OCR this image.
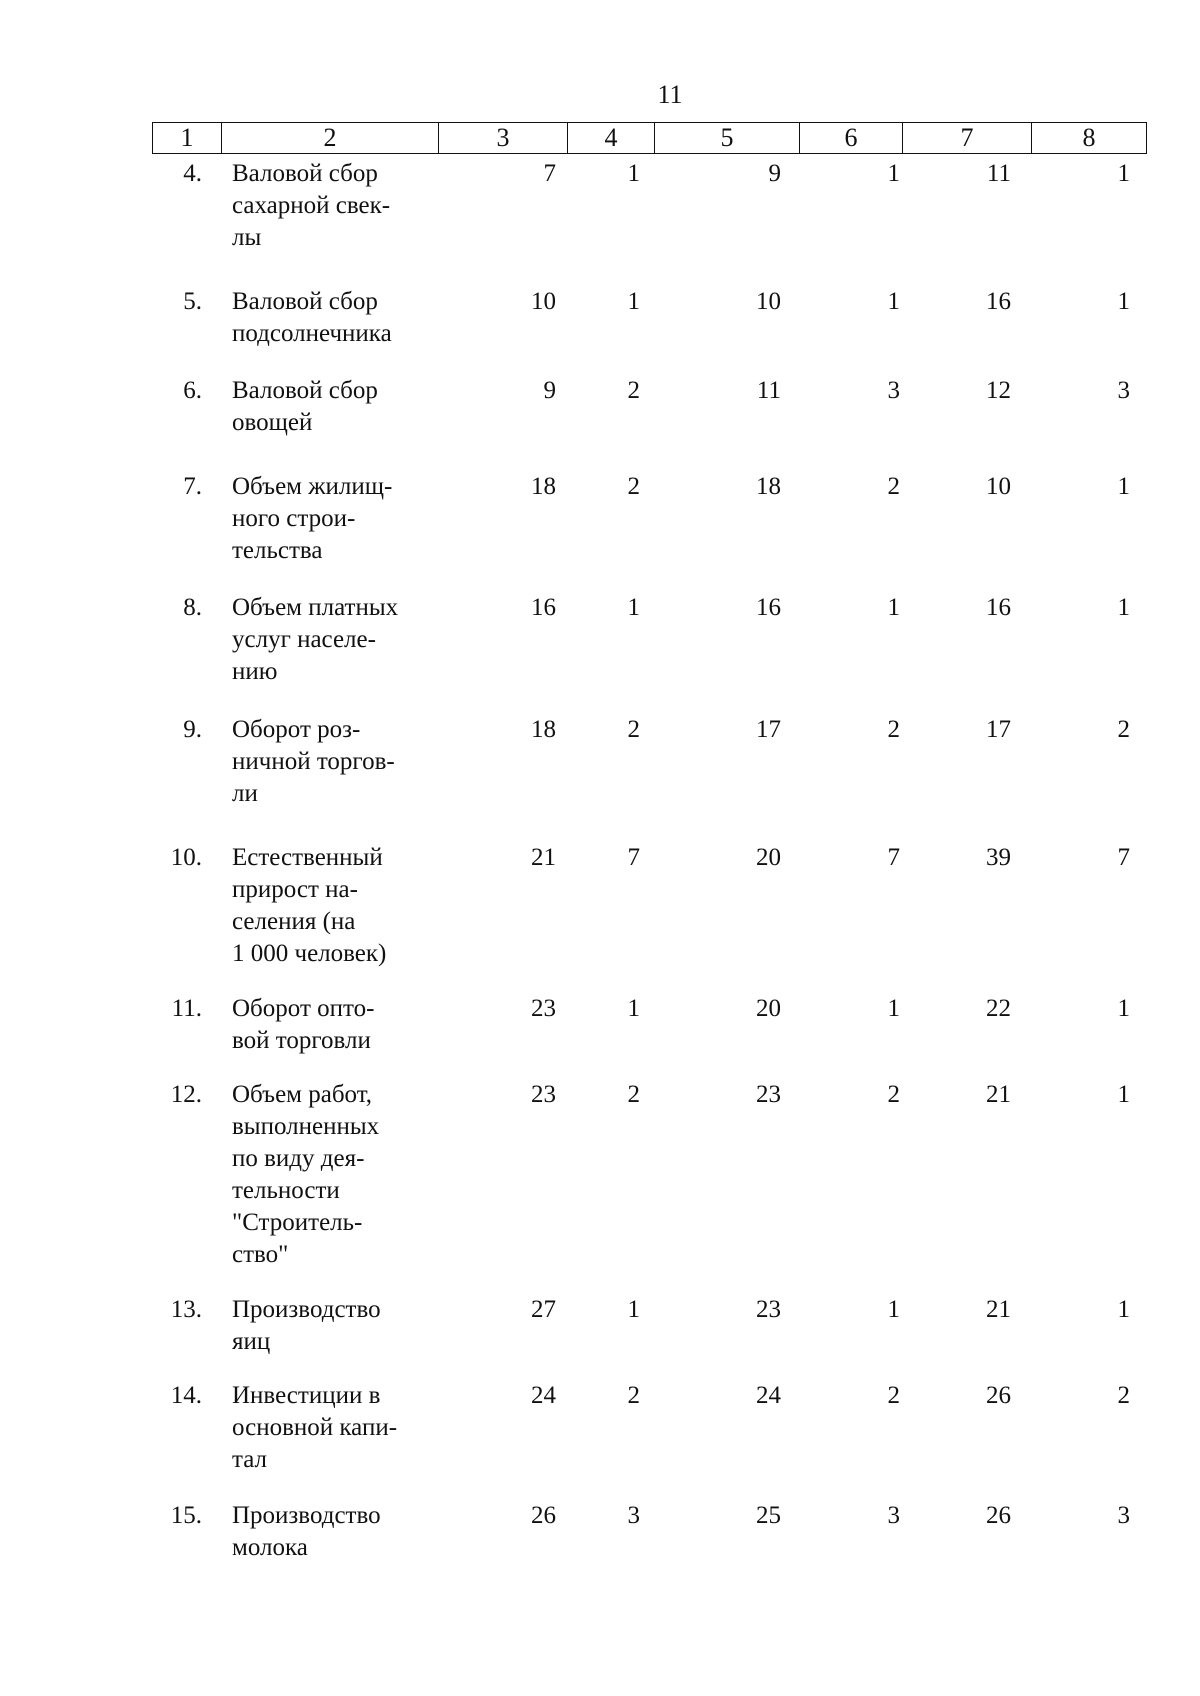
11
1	2	3	4	5	6	7	8
4. Валовой сбор
сахарной свек-
лы
7	1	9	1	11	1
5. Валовой сбор
подсолнечника
10	1	10	1	16	1
6. Валовой сбор
овощей
9	2	11	3	12	3
7. Объем жилищ-
ного строи-
тельства
18	2	18	2	10	1
8. Объем платных
услуг населе-
нию
16	1	16	1	16	1
9. Оборот роз-
ничной торгов-
ли
18	2	17	2	17	2
10. Естественный
прирост на-
селения (на
1 000 человек)
21	7	20	7	39	7
11. Оборот опто-
вой торговли
23	1	20	1	22	1
12. Объем работ,
выполненных
по виду дея-
тельности
"Строитель-
ство"
23	2	23	2	21	1
13. Производство
яиц
27	1	23	1	21	1
14. Инвестиции в
основной капи-
тал
24	2	24	2	26	2
15. Производство
молока
26	3	25	3	26	3
